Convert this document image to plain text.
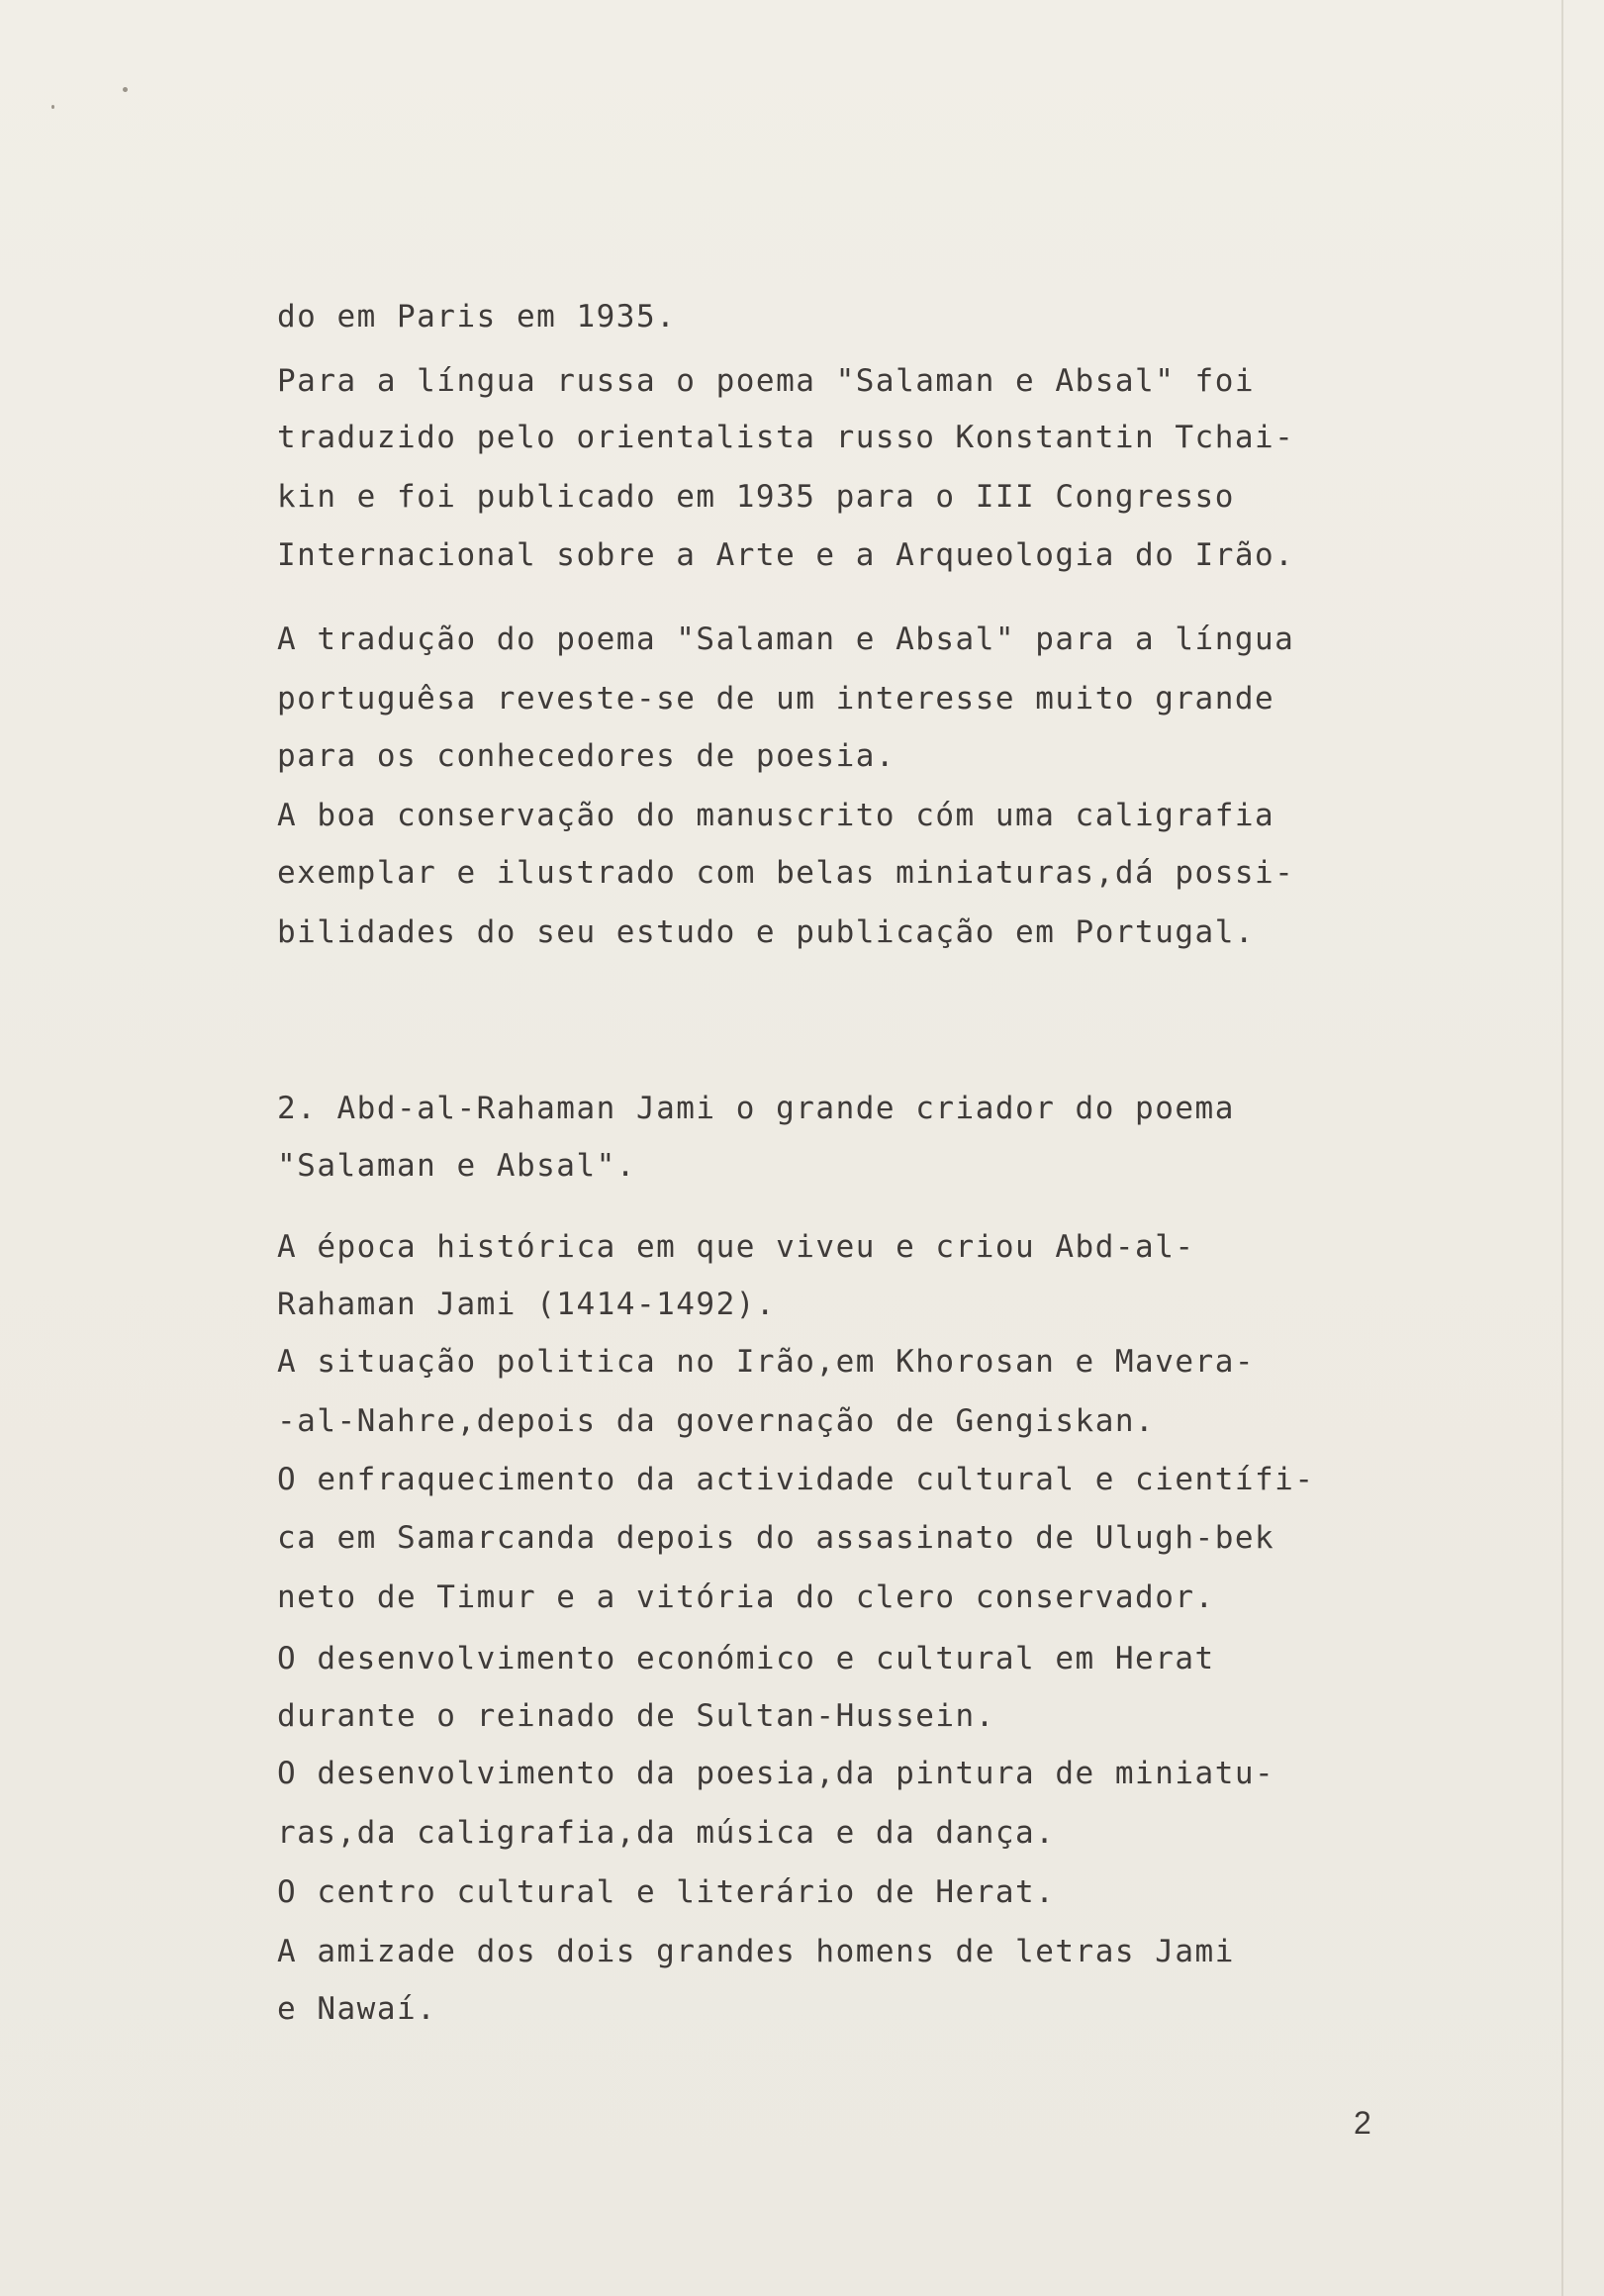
do em Paris em 1935.

Para a língua russa o poema "Salaman e Absal" foi

traduzido pelo orientalista russo Konstantin Tchai-

kin e foi publicado em 1935 para o III Congresso

Internacional sobre a Arte e a Arqueologia do Irão.

A tradução do poema "Salaman e Absal" para a língua

portuguêsa reveste-se de um interesse muito grande

para os conhecedores de poesia.

A boa conservação do manuscrito cóm uma caligrafia

exemplar e ilustrado com belas miniaturas,dá possi-

bilidades do seu estudo e publicação em Portugal.

2. Abd-al-Rahaman Jami o grande criador do poema

"Salaman e Absal".

A época histórica em que viveu e criou Abd-al-

Rahaman Jami (1414-1492).

A situação politica no Irão,em Khorosan e Mavera-

-al-Nahre,depois da governação de Gengiskan.

O enfraquecimento da actividade cultural e científi-

ca em Samarcanda depois do assasinato de Ulugh-bek

neto de Timur e a vitória do clero conservador.

O desenvolvimento económico e cultural em Herat

durante o reinado de Sultan-Hussein.

O desenvolvimento da poesia,da pintura de miniatu-

ras,da caligrafia,da música e da dança.

O centro cultural e literário de Herat.

A amizade dos dois grandes homens de letras Jami

e Nawaí.

2
